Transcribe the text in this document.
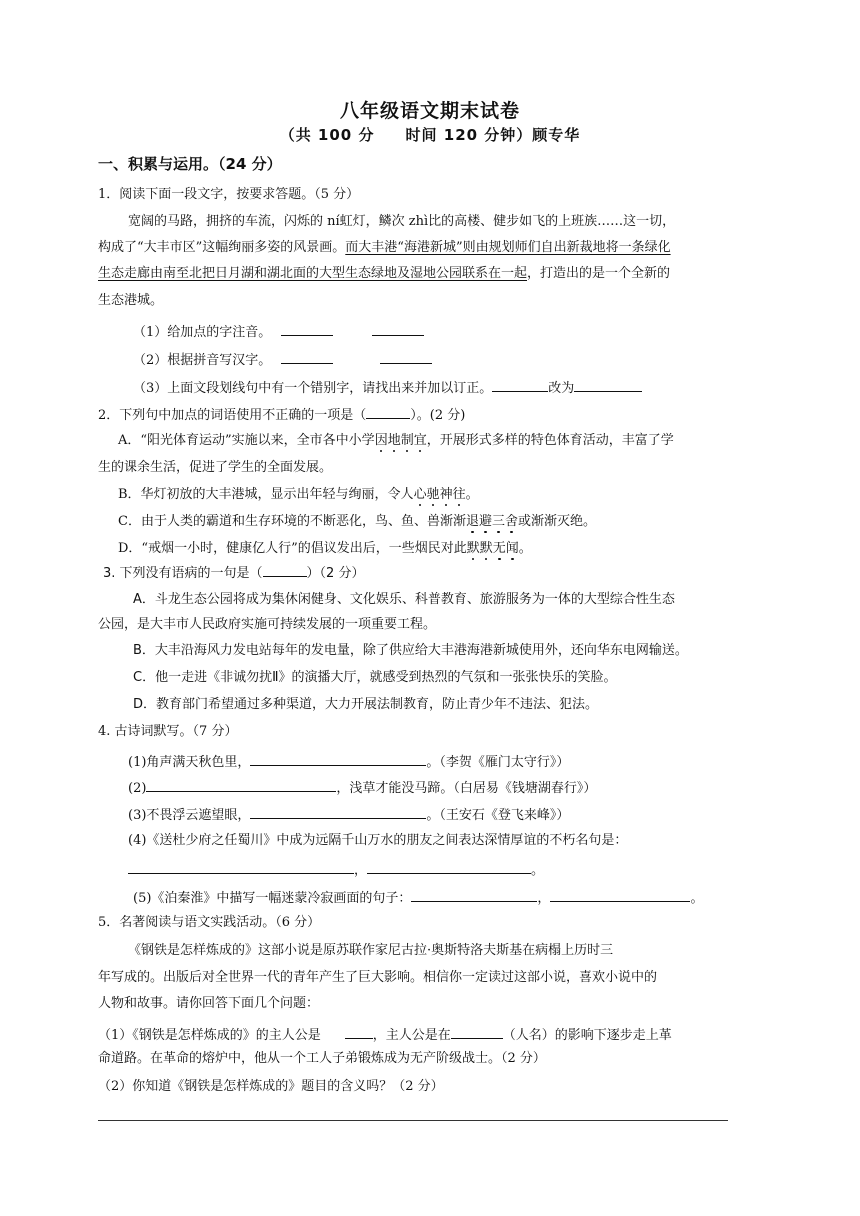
八年级语文期末试卷
（共 100 分     时间 120 分钟）顾专华
一、积累与运用。（24 分）
1．阅读下面一段文字，按要求答题。（5 分）
宽阔的马路，拥挤的车流，闪烁的 ní虹灯，鳞次 zhì比的高楼、健步如飞的上班族……这一切，
构成了“大丰市区”这幅绚丽多姿的风景画。而大丰港“海港新城”则由规划师们自出新裁地将一条绿化
生态走廊由南至北把日月湖和湖北面的大型生态绿地及湿地公园联系在一起，打造出的是一个全新的
生态港城。
（1）给加点的字注音。
（2）根据拼音写汉字。
（3）上面文段划线句中有一个错别字，请找出来并加以订正。	改为
2．下列句中加点的词语使用不正确的一项是（	）。(2 分)
A．“阳光体育运动”实施以来，全市各中小学因地制宜，开展形式多样的特色体育活动，丰富了学
生的课余生活，促进了学生的全面发展。
B．华灯初放的大丰港城，显示出年轻与绚丽，令人心驰神往。
C．由于人类的霸道和生存环境的不断恶化，鸟、鱼、兽渐渐退避三舍或渐渐灭绝。
D．“戒烟一小时，健康亿人行”的倡议发出后，一些烟民对此默默无闻。
3. 下列没有语病的一句是（	）（2 分）
A．斗龙生态公园将成为集休闲健身、文化娱乐、科普教育、旅游服务为一体的大型综合性生态
公园，是大丰市人民政府实施可持续发展的一项重要工程。
B．大丰沿海风力发电站每年的发电量，除了供应给大丰港海港新城使用外，还向华东电网输送。
C．他一走进《非诚勿扰Ⅱ》的演播大厅，就感受到热烈的气氛和一张张快乐的笑脸。
D．教育部门希望通过多种渠道，大力开展法制教育，防止青少年不违法、犯法。
4. 古诗词默写。（7 分）
(1)角声满天秋色里，	。（李贺《雁门太守行》）
(2)	，浅草才能没马蹄。（白居易《钱塘湖春行》）
(3)不畏浮云遮望眼，	。（王安石《登飞来峰》）
(4)《送杜少府之任蜀川》中成为远隔千山万水的朋友之间表达深情厚谊的不朽名句是：
，	。
(5)《泊秦淮》中描写一幅迷蒙冷寂画面的句子：	，	。
5．名著阅读与语文实践活动。（6 分）
《钢铁是怎样炼成的》这部小说是原苏联作家尼古拉·奥斯特洛夫斯基在病榻上历时三
年写成的。出版后对全世界一代的青年产生了巨大影响。相信你一定读过这部小说，喜欢小说中的
人物和故事。请你回答下面几个问题：
（1）《钢铁是怎样炼成的》的主人公是	，主人公是在	（人名）的影响下逐步走上革
命道路。在革命的熔炉中，他从一个工人子弟锻炼成为无产阶级战士。（2 分）
（2）你知道《钢铁是怎样炼成的》题目的含义吗？（2 分）
